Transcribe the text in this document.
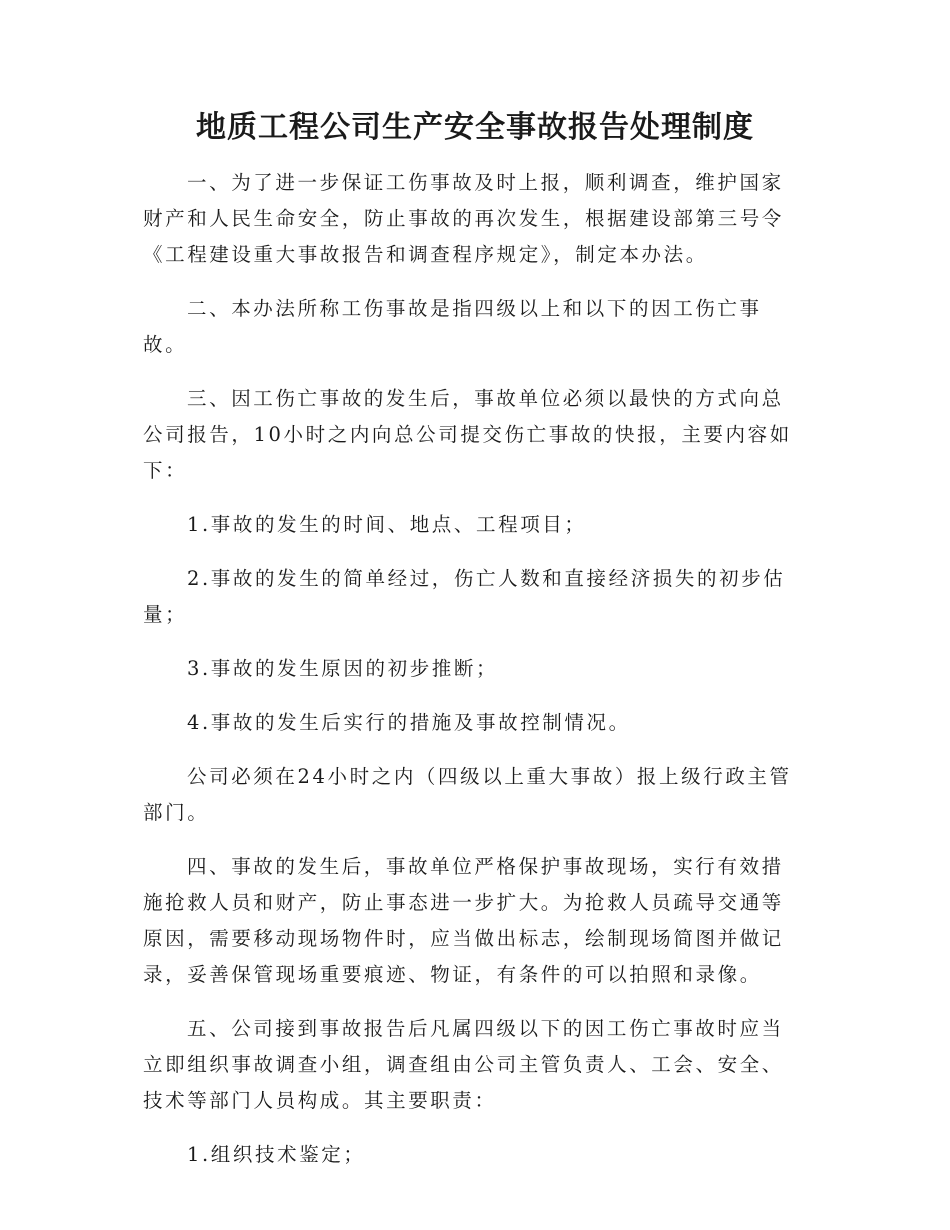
地质工程公司生产安全事故报告处理制度

一、为了进一步保证工伤事故及时上报，顺利调查，维护国家财产和人民生命安全，防止事故的再次发生，根据建设部第三号令《工程建设重大事故报告和调查程序规定》，制定本办法。

二、本办法所称工伤事故是指四级以上和以下的因工伤亡事故。

三、因工伤亡事故的发生后，事故单位必须以最快的方式向总公司报告，10小时之内向总公司提交伤亡事故的快报，主要内容如下：

1.事故的发生的时间、地点、工程项目；

2.事故的发生的简单经过，伤亡人数和直接经济损失的初步估量；

3.事故的发生原因的初步推断；

4.事故的发生后实行的措施及事故控制情况。

公司必须在24小时之内（四级以上重大事故）报上级行政主管部门。

四、事故的发生后，事故单位严格保护事故现场，实行有效措施抢救人员和财产，防止事态进一步扩大。为抢救人员疏导交通等原因，需要移动现场物件时，应当做出标志，绘制现场简图并做记录，妥善保管现场重要痕迹、物证，有条件的可以拍照和录像。

五、公司接到事故报告后凡属四级以下的因工伤亡事故时应当立即组织事故调查小组，调查组由公司主管负责人、工会、安全、技术等部门人员构成。其主要职责：

1.组织技术鉴定；
